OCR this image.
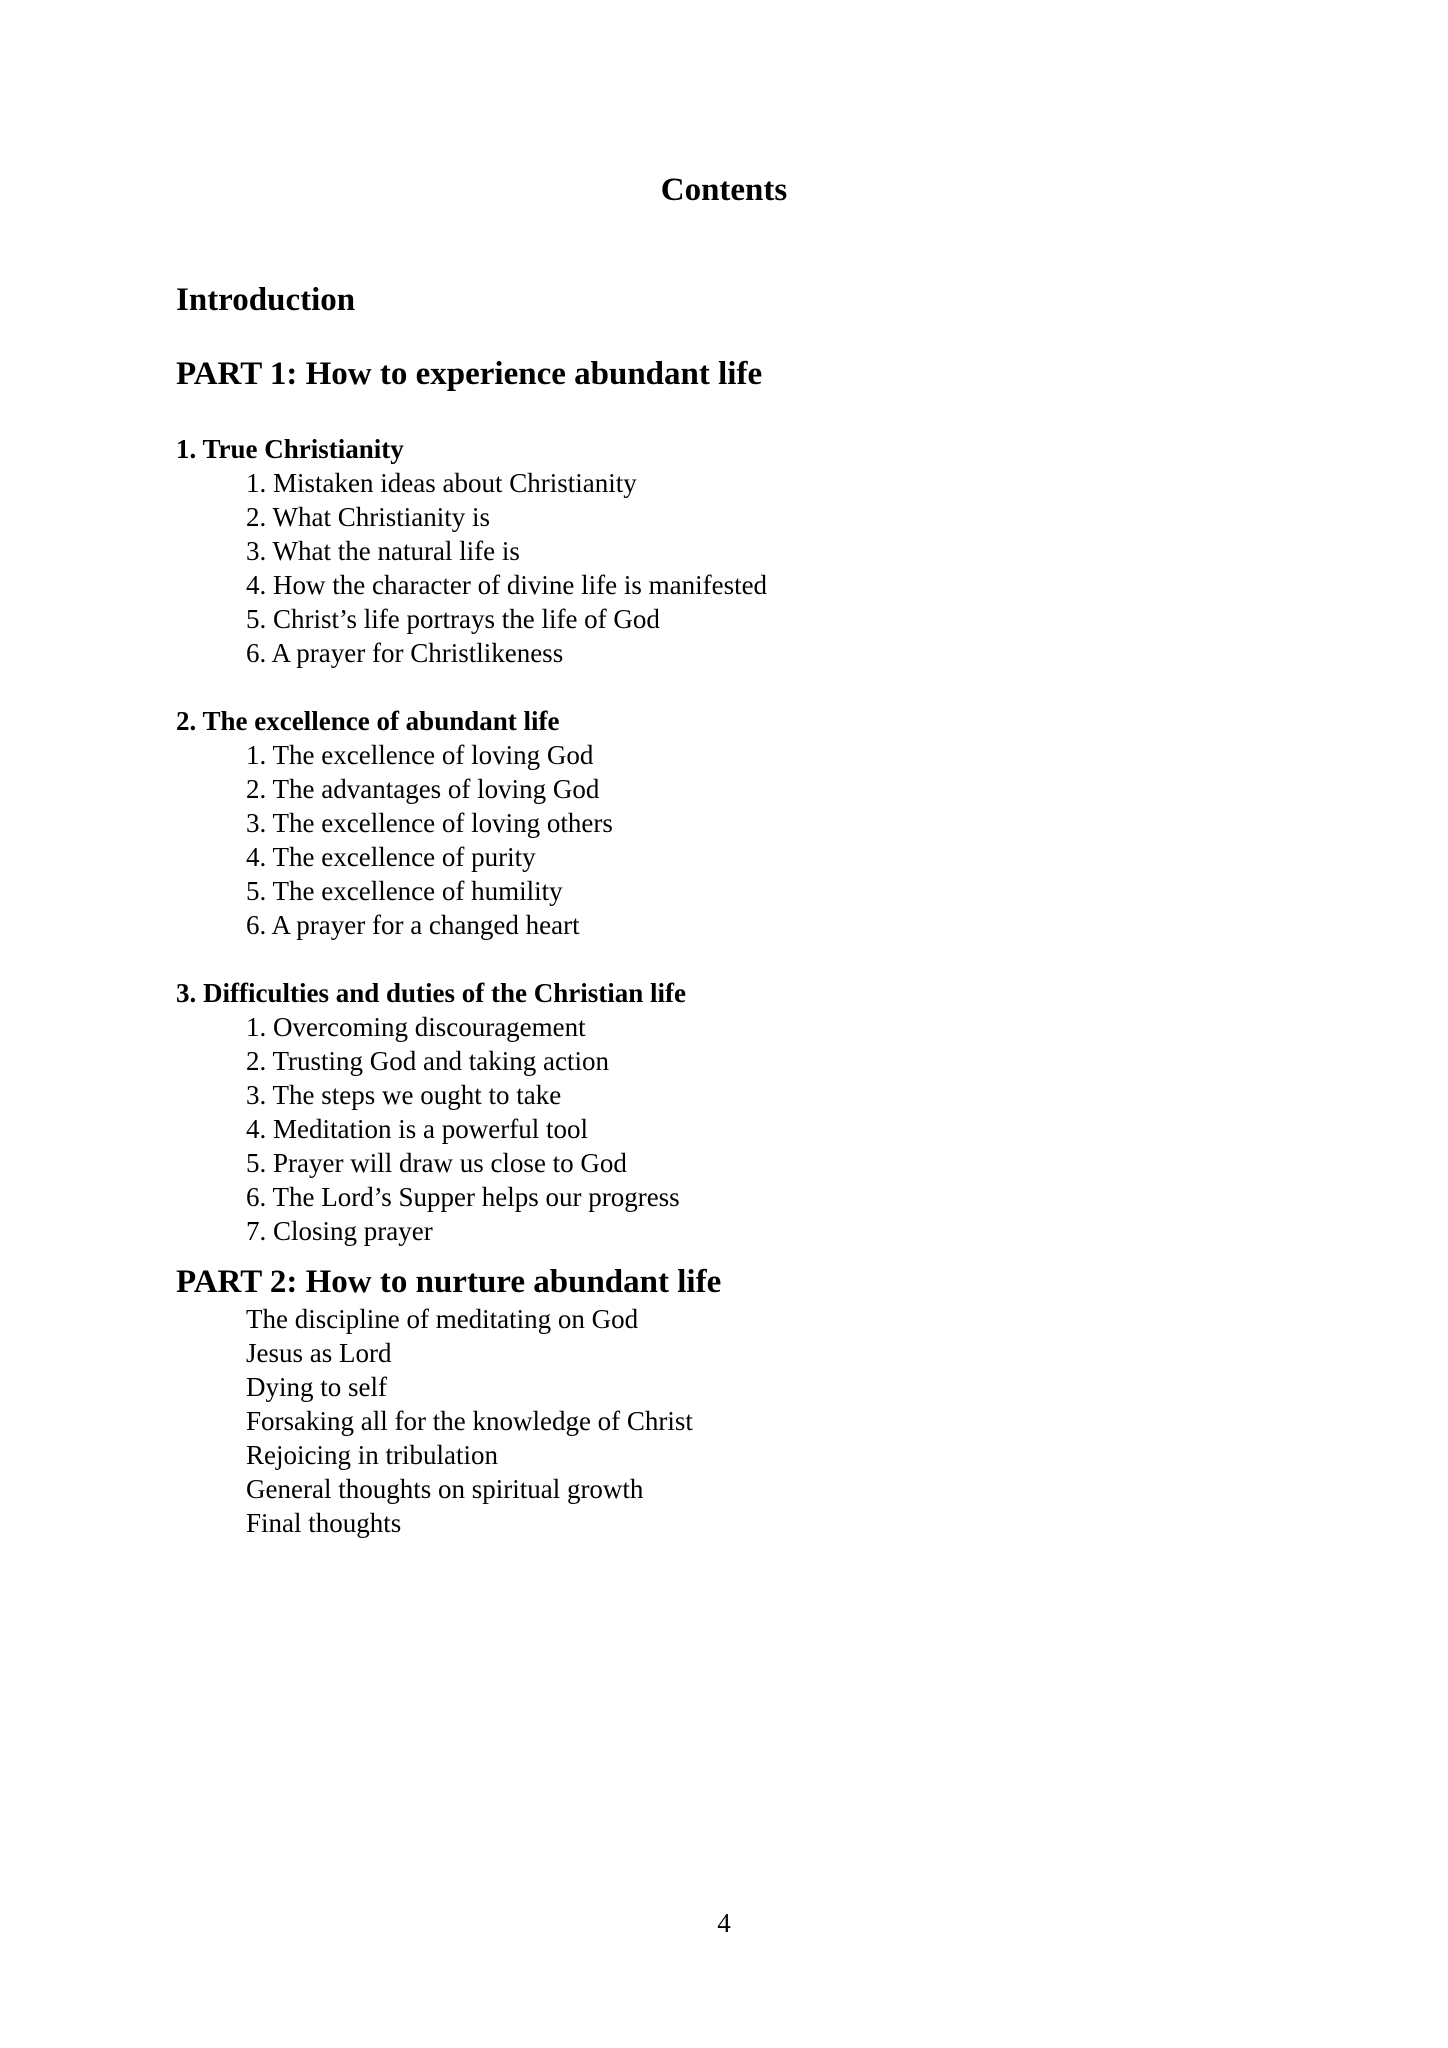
Contents
Introduction
PART 1: How to experience abundant life
1. True Christianity
1. Mistaken ideas about Christianity
2. What Christianity is
3. What the natural life is
4. How the character of divine life is manifested
5. Christ’s life portrays the life of God
6. A prayer for Christlikeness
2. The excellence of abundant life
1. The excellence of loving God
2. The advantages of loving God
3. The excellence of loving others
4. The excellence of purity
5. The excellence of humility
6. A prayer for a changed heart
3. Difficulties and duties of the Christian life
1. Overcoming discouragement
2. Trusting God and taking action
3. The steps we ought to take
4. Meditation is a powerful tool
5. Prayer will draw us close to God
6. The Lord’s Supper helps our progress
7. Closing prayer
PART 2: How to nurture abundant life
The discipline of meditating on God
Jesus as Lord
Dying to self
Forsaking all for the knowledge of Christ
Rejoicing in tribulation
General thoughts on spiritual growth
Final thoughts
4
